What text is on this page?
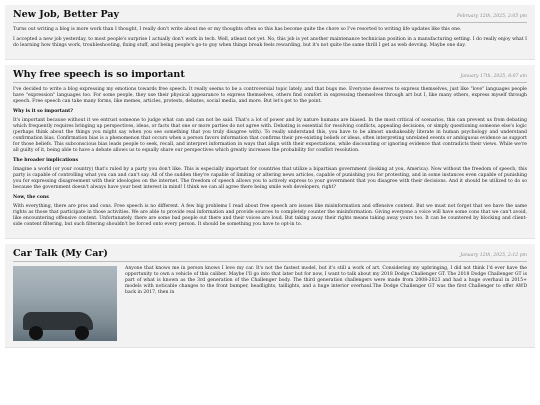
New Job, Better Pay	February 12th, 2025, 2:05 pm

Turns out writing a blog is more work than I thought, I really don't write about me or my thoughts often so this has become quite the chore so I've resorted to writing life updates like this one.

I accepted a new job yesterday, to most people's surprise I actually don't work in tech. Well, atleast not yet. No, this job is yet another maintenance technician position in a manufacturing setting. I do really enjoy what I do learning how things work, troubleshooting, fixing stuff, and being people's go-to guy when things break feels rewarding, but it's not quite the same thrill I get as web devving. Maybe one day.

Why free speech is so important	January 17th, 2025, 8:07 am

I've decided to write a blog expressing my emotions towards free speech. It really seems to be a controversial topic lately, and that bugs me. Everyone deserves to express themselves, just like "love" languages people have "expression" languages too. For some people, they use their physical appearance to express themselves, others find comfort in expressing themselves through art but I, like many others, express myself through speech. Free speech can take many forms, like memes, articles, protests, debates, social media, and more. But let's get to the point.

Why is it so important?

It's important because without it we entrust someone to judge what can and can not be said. That's a lot of power and by nature humans are biased. In the most critical of scenarios, this can prevent us from debating which frequently requires bringing up perspectives, ideas, or facts that one or more parties do not agree with. Debating is essential for resolving conflicts, appealing decisions, or simply questioning someone else's logic (perhaps think about the things you might say when you see something that you truly disagree with). To really understand this, you have to be almost unshakeably literate in human psychology and understand confirmation bias. Confirmation bias is a phenomenon that occurs when a person favors information that confirms their pre-existing beliefs or ideas, often interpreting unrelated events or ambiguous evidence as support for those beliefs. This subconscious bias leads people to seek, recall, and interpret information in ways that align with their expectations, while discounting or ignoring evidence that contradicts their views. While we're all guilty of it, being able to have a debate allows us to equally share our perspectives which greatly increases the probability for conflict resolution.

The broader implications

Imagine a world (or your country) that's ruled by a party you don't like. This is especially important for countries that utilize a bipartisan government (looking at you, America). Now without the freedom of speech, this party is capable of controlling what you can and can't say. All of the sudden they're capable of limiting or altering news articles, capable of punishing you for protesting, and in some instances even capable of punishing you for expressing disagreement with their ideologies on the internet. The freedom of speech allows you to actively express to your government that you disagree with their decisions. And it should be utilized to do so because the government doesn't always have your best interest in mind! I think we can all agree there being smile web developers, right?

Now, the cons

With everything, there are pros and cons. Free speech is no different. A few big problems I read about free speech are issues like misinformation and offensive content. But we must not forget that we have the same rights as those that participate in those activities. We are able to provide real information and provide sources to completely counter the misinformation. Giving everyone a voice will have some cons that we can't avoid, like encountering offensive content. Unfortunately, there are some bad people out there and their voices are loud. But taking away their rights means taking away yours too. It can be countered by blocking and client-side content filtering, but such filtering shouldn't be forced onto every person. It should be something you have to opt-in to.

Car Talk (My Car)	January 12th, 2025, 2:12 pm

Anyone that knows me in person knows I love my car. It's not the fastest model, but it's still a work of art. Considering my upbringing, I did not think I'd ever have the opportunity to own a vehicle of this caliber. Maybe I'll go into that later but for now, I want to talk about my 2018 Dodge Challenger GT. The 2018 Dodge Challenger GT is part of what is known as the 3rd generation of the Challenger body. The third generation challengers were made from 2008-2023 and had a huge overhaul in 2015+ models with noticable changes to the front bumper, headlights, taillights, and a huge interior overhaul.The Dodge Challenger GT was the first Challenger to offer AWD back in 2017, then in
